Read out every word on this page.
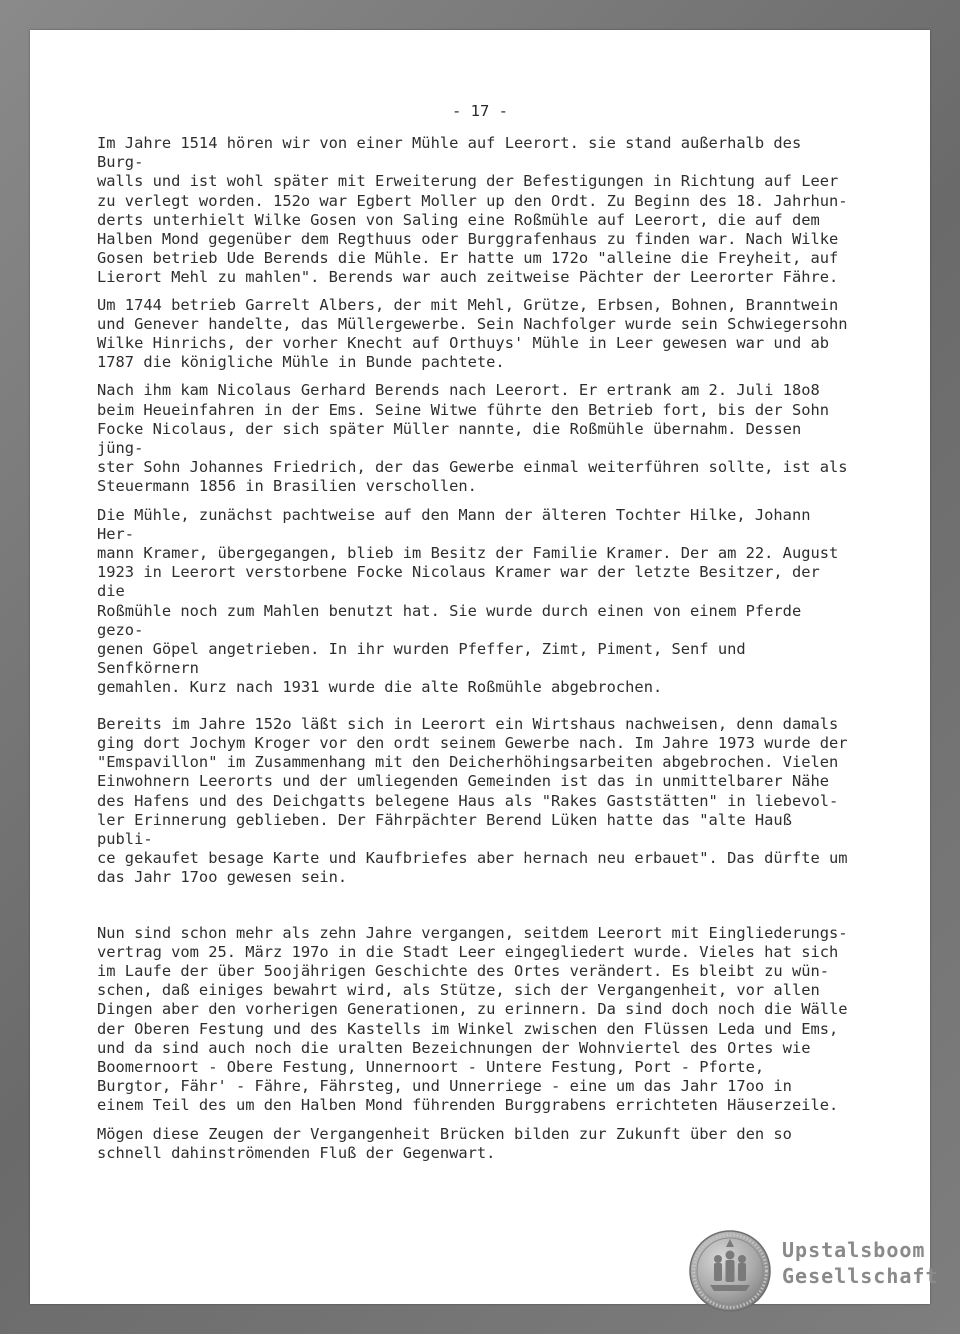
- 17 -

Im Jahre 1514 hören wir von einer Mühle auf Leerort. sie stand außerhalb des Burg-
walls und ist wohl später mit Erweiterung der Befestigungen in Richtung auf Leer
zu verlegt worden. 152o war Egbert Moller up den Ordt. Zu Beginn des 18. Jahrhun-
derts unterhielt Wilke Gosen von Saling eine Roßmühle auf Leerort, die auf dem
Halben Mond gegenüber dem Regthuus oder Burggrafenhaus zu finden war. Nach Wilke
Gosen betrieb Ude Berends die Mühle. Er hatte um 172o "alleine die Freyheit, auf
Lierort Mehl zu mahlen". Berends war auch zeitweise Pächter der Leerorter Fähre.

Um 1744 betrieb Garrelt Albers, der mit Mehl, Grütze, Erbsen, Bohnen, Branntwein
und Genever handelte, das Müllergewerbe. Sein Nachfolger wurde sein Schwiegersohn
Wilke Hinrichs, der vorher Knecht auf Orthuys' Mühle in Leer gewesen war und ab
1787 die königliche Mühle in Bunde pachtete.

Nach ihm kam Nicolaus Gerhard Berends nach Leerort. Er ertrank am 2. Juli 18o8
beim Heueinfahren in der Ems. Seine Witwe führte den Betrieb fort, bis der Sohn
Focke Nicolaus, der sich später Müller nannte, die Roßmühle übernahm. Dessen jüng-
ster Sohn Johannes Friedrich, der das Gewerbe einmal weiterführen sollte, ist als
Steuermann 1856 in Brasilien verschollen.

Die Mühle, zunächst pachtweise auf den Mann der älteren Tochter Hilke, Johann Her-
mann Kramer, übergegangen, blieb im Besitz der Familie Kramer. Der am 22. August
1923 in Leerort verstorbene Focke Nicolaus Kramer war der letzte Besitzer, der die
Roßmühle noch zum Mahlen benutzt hat. Sie wurde durch einen von einem Pferde gezo-
genen Göpel angetrieben. In ihr wurden Pfeffer, Zimt, Piment, Senf und Senfkörnern
gemahlen. Kurz nach 1931 wurde die alte Roßmühle abgebrochen.

Bereits im Jahre 152o läßt sich in Leerort ein Wirtshaus nachweisen, denn damals
ging dort Jochym Kroger vor den ordt seinem Gewerbe nach. Im Jahre 1973 wurde der
"Emspavillon" im Zusammenhang mit den Deicherhöhingsarbeiten abgebrochen. Vielen
Einwohnern Leerorts und der umliegenden Gemeinden ist das in unmittelbarer Nähe
des Hafens und des Deichgatts belegene Haus als "Rakes Gaststätten" in liebevol-
ler Erinnerung geblieben. Der Fährpächter Berend Lüken hatte das "alte Hauß publi-
ce gekaufet besage Karte und Kaufbriefes aber hernach neu erbauet". Das dürfte um
das Jahr 17oo gewesen sein.

Nun sind schon mehr als zehn Jahre vergangen, seitdem Leerort mit Eingliederungs-
vertrag vom 25. März 197o in die Stadt Leer eingegliedert wurde. Vieles hat sich
im Laufe der über 5oojährigen Geschichte des Ortes verändert. Es bleibt zu wün-
schen, daß einiges bewahrt wird, als Stütze, sich der Vergangenheit, vor allen
Dingen aber den vorherigen Generationen, zu erinnern. Da sind doch noch die Wälle
der Oberen Festung und des Kastells im Winkel zwischen den Flüssen Leda und Ems,
und da sind auch noch die uralten Bezeichnungen der Wohnviertel des Ortes wie
Boomernoort - Obere Festung, Unnernoort - Untere Festung, Port - Pforte,
Burgtor, Fähr' - Fähre, Fährsteg, und Unnerriege - eine um das Jahr 17oo in
einem Teil des um den Halben Mond führenden Burggrabens errichteten Häuserzeile.

Mögen diese Zeugen der Vergangenheit Brücken bilden zur Zukunft über den so
schnell dahinströmenden Fluß der Gegenwart.

Upstalsboom
Gesellschaft
